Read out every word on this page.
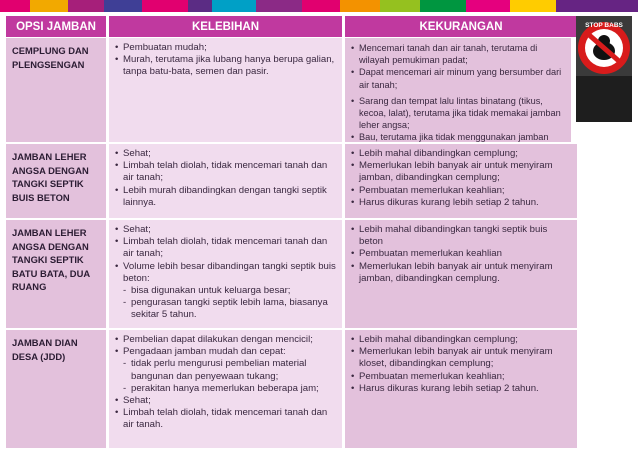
OPSI JAMBAN	KELEBIHAN	KEKURANGAN
CEMPLUNG DAN PLENGSENGAN
• Pembuatan mudah;
• Murah, terutama jika lubang hanya berupa galian, tanpa batu-bata, semen dan pasir.
• Mencemari tanah dan air tanah, terutama di wilayah pemukiman padat;
• Dapat mencemari air minum yang bersumber dari air tanah;
• Sarang dan tempat lalu lintas binatang (tikus, kecoa, lalat), terutama jika tidak memakai jamban leher angsa;
• Bau, terutama jika tidak menggunakan jamban
JAMBAN LEHER ANGSA DENGAN TANGKI SEPTIK BUIS BETON
• Sehat;
• Limbah telah diolah, tidak mencemari tanah dan air tanah;
• Lebih murah dibandingkan dengan tangki septik lainnya.
• Lebih mahal dibandingkan cemplung;
• Memerlukan lebih banyak air untuk menyiram jamban, dibandingkan cemplung;
• Pembuatan memerlukan keahlian;
• Harus dikuras kurang lebih setiap 2 tahun.
JAMBAN LEHER ANGSA DENGAN TANGKI SEPTIK BATU BATA, DUA RUANG
• Sehat;
• Limbah telah diolah, tidak mencemari tanah dan air tanah;
• Volume lebih besar dibandingan tangki septik buis beton:
- bisa digunakan untuk keluarga besar;
- pengurasan tangki septik lebih lama, biasanya sekitar 5 tahun.
• Lebih mahal dibandingkan tangki septik buis beton
• Pembuatan memerlukan keahlian
• Memerlukan lebih banyak air untuk menyiram jamban, dibandingkan cemplung.
JAMBAN DIAN DESA (JDD)
• Pembelian dapat dilakukan dengan mencicil;
• Pengadaan jamban mudah dan cepat:
- tidak perlu mengurusi pembelian material bangunan dan penyewaan tukang;
- perakitan hanya memerlukan beberapa jam;
• Sehat;
• Limbah telah diolah, tidak mencemari tanah dan air tanah.
• Lebih mahal dibandingkan cemplung;
• Memerlukan lebih banyak air untuk menyiram kloset, dibandingkan cemplung;
• Pembuatan memerlukan keahlian;
• Harus dikuras kurang lebih setiap 2 tahun.
STOP BABS
